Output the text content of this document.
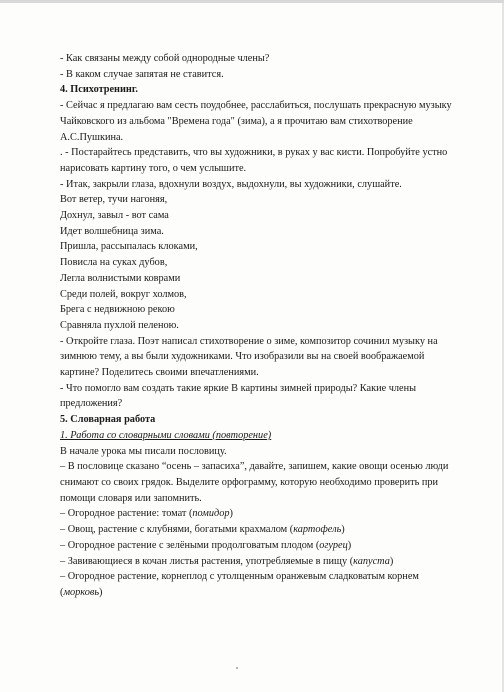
- Как связаны между собой однородные члены?

- В каком случае запятая не ставится.

4. Психотренинг.

- Сейчас я предлагаю вам сесть поудобнее, расслабиться, послушать прекрасную музыку

Чайковского из альбома "Времена года" (зима), а я прочитаю вам стихотворение

А.С.Пушкина.

. - Постарайтесь представить, что вы художники, в руках у вас кисти. Попробуйте устно

нарисовать картину того, о чем услышите.

- Итак, закрыли глаза, вдохнули воздух, выдохнули, вы художники, слушайте.

Вот ветер, тучи нагоняя,

Дохнул, завыл - вот сама

Идет волшебница зима.

Пришла, рассыпалась клоками,

Повисла на суках дубов,

Легла волнистыми коврами

Среди полей, вокруг холмов,

Брега с недвижною рекою

Сравняла пухлой пеленою.

- Откройте глаза. Поэт написал стихотворение о зиме, композитор сочинил музыку на

зимнюю тему, а вы были художниками. Что изобразили вы на своей воображаемой

картине? Поделитесь своими впечатлениями.

- Что помогло вам создать такие яркие В картины зимней природы? Какие члены

предложения?

5. Словарная работа

1. Работа со словарными словами (повторение)

В начале урока мы писали пословицу.

– В пословице сказано “осень – запасиха”, давайте, запишем, какие овощи осенью люди

снимают со своих грядок. Выделите орфограмму, которую необходимо проверить при

помощи словаря или запомнить.

– Огородное растение: томат (помидор)

– Овощ, растение с клубнями, богатыми крахмалом (картофель)

– Огородное растение с зелёными продолговатым плодом (огурец)

– Завивающиеся в кочан листья растения, употребляемые в пищу (капуста)

– Огородное растение, корнеплод с утолщенным оранжевым сладковатым корнем

(морковь)
